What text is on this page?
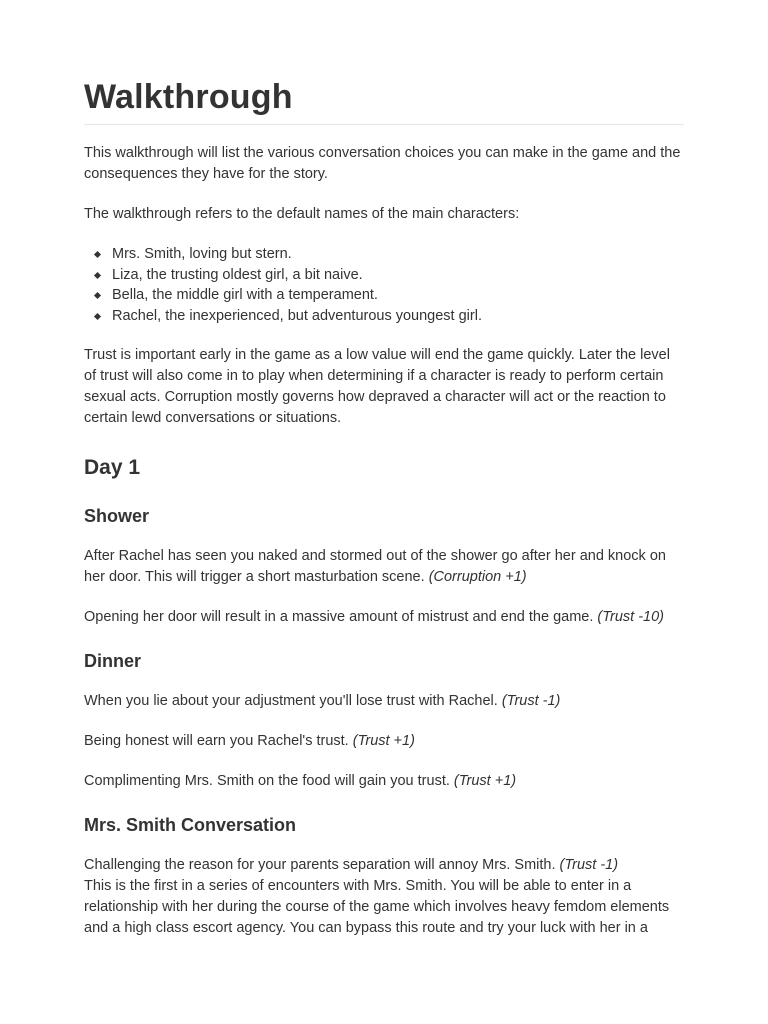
Walkthrough

This walkthrough will list the various conversation choices you can make in the game and the consequences they have for the story.

The walkthrough refers to the default names of the main characters:

Mrs. Smith, loving but stern.
Liza, the trusting oldest girl, a bit naive.
Bella, the middle girl with a temperament.
Rachel, the inexperienced, but adventurous youngest girl.

Trust is important early in the game as a low value will end the game quickly. Later the level of trust will also come in to play when determining if a character is ready to perform certain sexual acts. Corruption mostly governs how depraved a character will act or the reaction to certain lewd conversations or situations.

Day 1
Shower

After Rachel has seen you naked and stormed out of the shower go after her and knock on her door. This will trigger a short masturbation scene. (Corruption +1)

Opening her door will result in a massive amount of mistrust and end the game. (Trust -10)

Dinner

When you lie about your adjustment you'll lose trust with Rachel. (Trust -1)

Being honest will earn you Rachel's trust. (Trust +1)

Complimenting Mrs. Smith on the food will gain you trust. (Trust +1)

Mrs. Smith Conversation

Challenging the reason for your parents separation will annoy Mrs. Smith. (Trust -1)

This is the first in a series of encounters with Mrs. Smith. You will be able to enter in a relationship with her during the course of the game which involves heavy femdom elements and a high class escort agency. You can bypass this route and try your luck with her in a
